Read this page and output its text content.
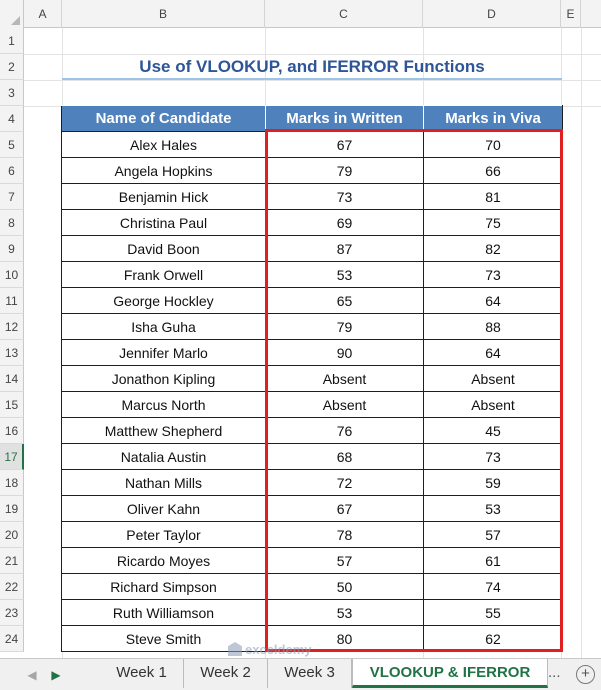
A	B	C	D	E
1
2
3
4
5
6
7
8
9
10
11
12
13
14
15
16
17
18
19
20
21
22
23
24
Use of VLOOKUP, and IFERROR Functions
Name of Candidate	Marks in Written	Marks in Viva
Alex Hales	67	70
Angela Hopkins	79	66
Benjamin Hick	73	81
Christina Paul	69	75
David Boon	87	82
Frank Orwell	53	73
George Hockley	65	64
Isha Guha	79	88
Jennifer Marlo	90	64
Jonathon Kipling	Absent	Absent
Marcus North	Absent	Absent
Matthew Shepherd	76	45
Natalia Austin	68	73
Nathan Mills	72	59
Oliver Kahn	67	53
Peter Taylor	78	57
Ricardo Moyes	57	61
Richard Simpson	50	74
Ruth Williamson	53	55
Steve Smith	80	62
◀	▶	Week 1	Week 2	Week 3	VLOOKUP & IFERROR	...	+
exceldemy
